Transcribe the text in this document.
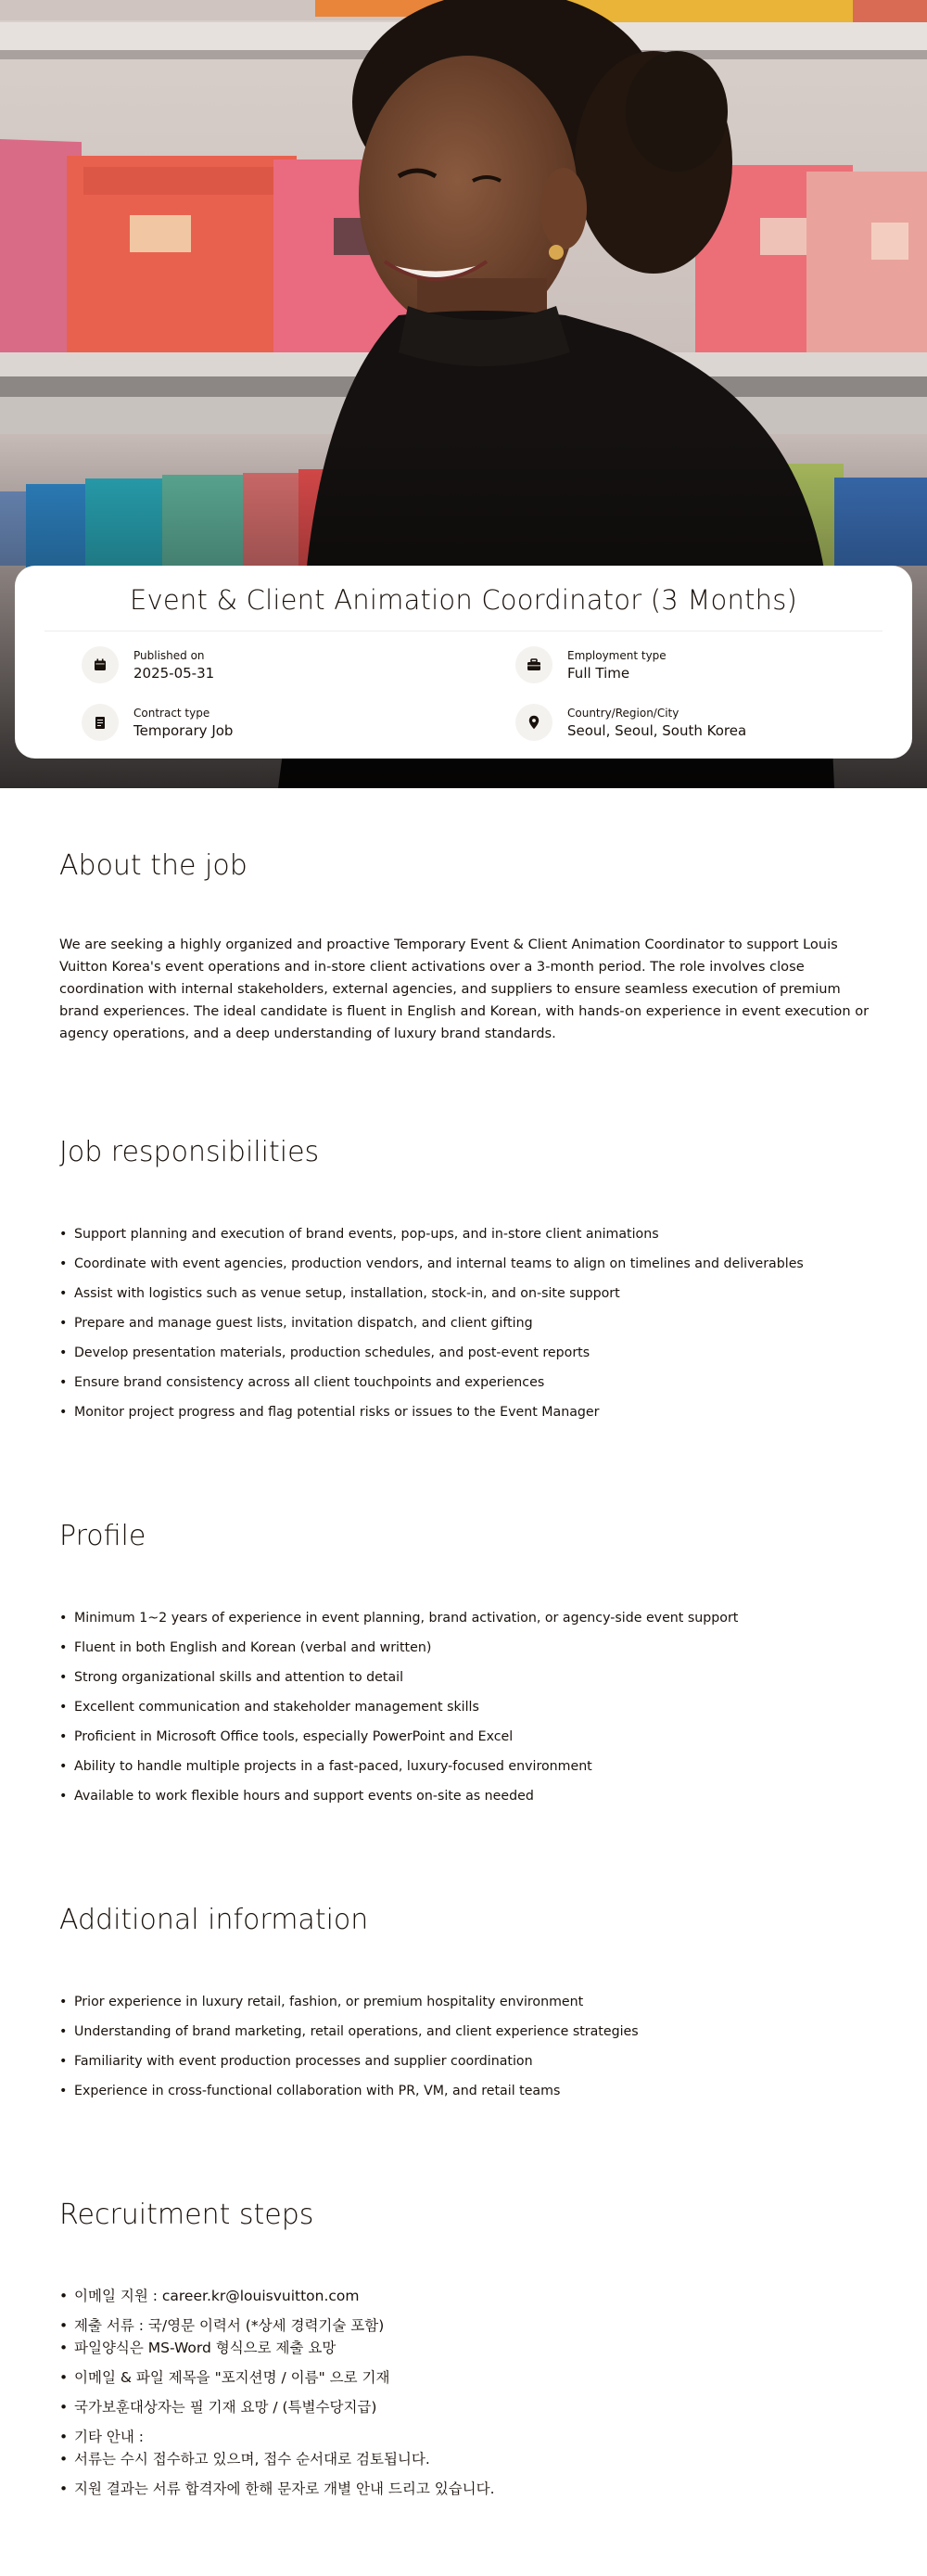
Event & Client Animation Coordinator (3 Months)
Published on
2025-05-31
Employment type
Full Time
Contract type
Temporary Job
Country/Region/City
Seoul, Seoul, South Korea
About the job

We are seeking a highly organized and proactive Temporary Event & Client Animation Coordinator to support Louis Vuitton Korea's event operations and in-store client activations over a 3-month period. The role involves close coordination with internal stakeholders, external agencies, and suppliers to ensure seamless execution of premium brand experiences. The ideal candidate is fluent in English and Korean, with hands-on experience in event execution or agency operations, and a deep understanding of luxury brand standards.

Job responsibilities
• Support planning and execution of brand events, pop-ups, and in-store client animations
• Coordinate with event agencies, production vendors, and internal teams to align on timelines and deliverables
• Assist with logistics such as venue setup, installation, stock-in, and on-site support
• Prepare and manage guest lists, invitation dispatch, and client gifting
• Develop presentation materials, production schedules, and post-event reports
• Ensure brand consistency across all client touchpoints and experiences
• Monitor project progress and flag potential risks or issues to the Event Manager
Profile
• Minimum 1~2 years of experience in event planning, brand activation, or agency-side event support
• Fluent in both English and Korean (verbal and written)
• Strong organizational skills and attention to detail
• Excellent communication and stakeholder management skills
• Proficient in Microsoft Office tools, especially PowerPoint and Excel
• Ability to handle multiple projects in a fast-paced, luxury-focused environment
• Available to work flexible hours and support events on-site as needed
Additional information
• Prior experience in luxury retail, fashion, or premium hospitality environment
• Understanding of brand marketing, retail operations, and client experience strategies
• Familiarity with event production processes and supplier coordination
• Experience in cross-functional collaboration with PR, VM, and retail teams
Recruitment steps
• 이메일 지원 : career.kr@louisvuitton.com
• 제출 서류 : 국/영문 이력서 (*상세 경력기술 포함)
• 파일양식은 MS-Word 형식으로 제출 요망
• 이메일 & 파일 제목을 "포지션명 / 이름" 으로 기재
• 국가보훈대상자는 필 기재 요망 / (특별수당지급)
• 기타 안내 :
• 서류는 수시 접수하고 있으며, 접수 순서대로 검토됩니다.
• 지원 결과는 서류 합격자에 한해 문자로 개별 안내 드리고 있습니다.
